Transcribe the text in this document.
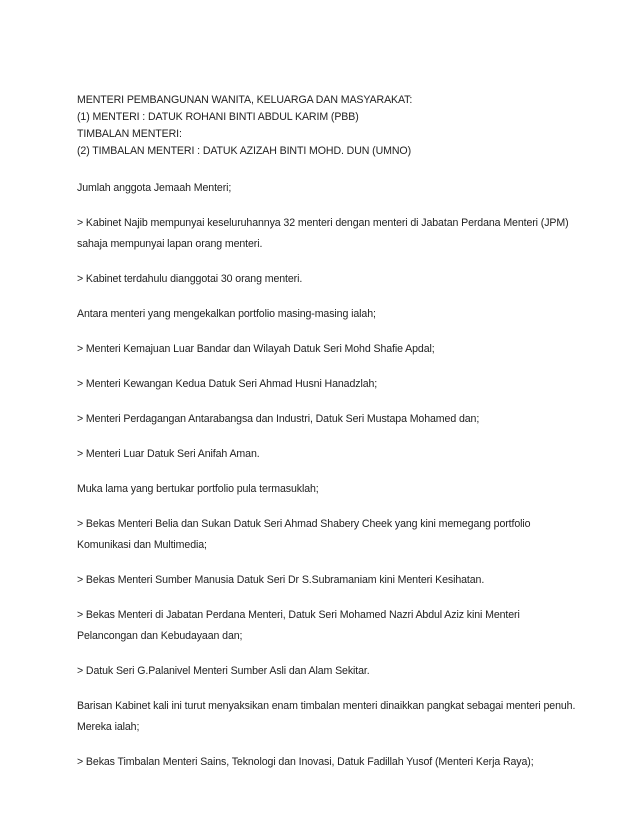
MENTERI PEMBANGUNAN WANITA, KELUARGA DAN MASYARAKAT:

(1) MENTERI : DATUK ROHANI BINTI ABDUL KARIM (PBB)

TIMBALAN MENTERI:

(2) TIMBALAN MENTERI : DATUK AZIZAH BINTI MOHD. DUN (UMNO)

Jumlah anggota Jemaah Menteri;

> Kabinet Najib mempunyai keseluruhannya 32 menteri dengan menteri di Jabatan Perdana Menteri (JPM) sahaja mempunyai lapan orang menteri.

> Kabinet terdahulu dianggotai 30 orang menteri.

Antara menteri yang mengekalkan portfolio masing-masing ialah;

> Menteri Kemajuan Luar Bandar dan Wilayah Datuk Seri Mohd Shafie Apdal;

> Menteri Kewangan Kedua Datuk Seri Ahmad Husni Hanadzlah;

> Menteri Perdagangan Antarabangsa dan Industri, Datuk Seri Mustapa Mohamed dan;

> Menteri Luar Datuk Seri Anifah Aman.

Muka lama yang bertukar portfolio pula termasuklah;

> Bekas Menteri Belia dan Sukan Datuk Seri Ahmad Shabery Cheek yang kini memegang portfolio Komunikasi dan Multimedia;

> Bekas Menteri Sumber Manusia Datuk Seri Dr S.Subramaniam kini Menteri Kesihatan.

> Bekas Menteri di Jabatan Perdana Menteri, Datuk Seri Mohamed Nazri Abdul Aziz kini Menteri Pelancongan dan Kebudayaan dan;

> Datuk Seri G.Palanivel Menteri Sumber Asli dan Alam Sekitar.

Barisan Kabinet kali ini turut menyaksikan enam timbalan menteri dinaikkan pangkat sebagai menteri penuh. Mereka ialah;

> Bekas Timbalan Menteri Sains, Teknologi dan Inovasi, Datuk Fadillah Yusof (Menteri Kerja Raya);
